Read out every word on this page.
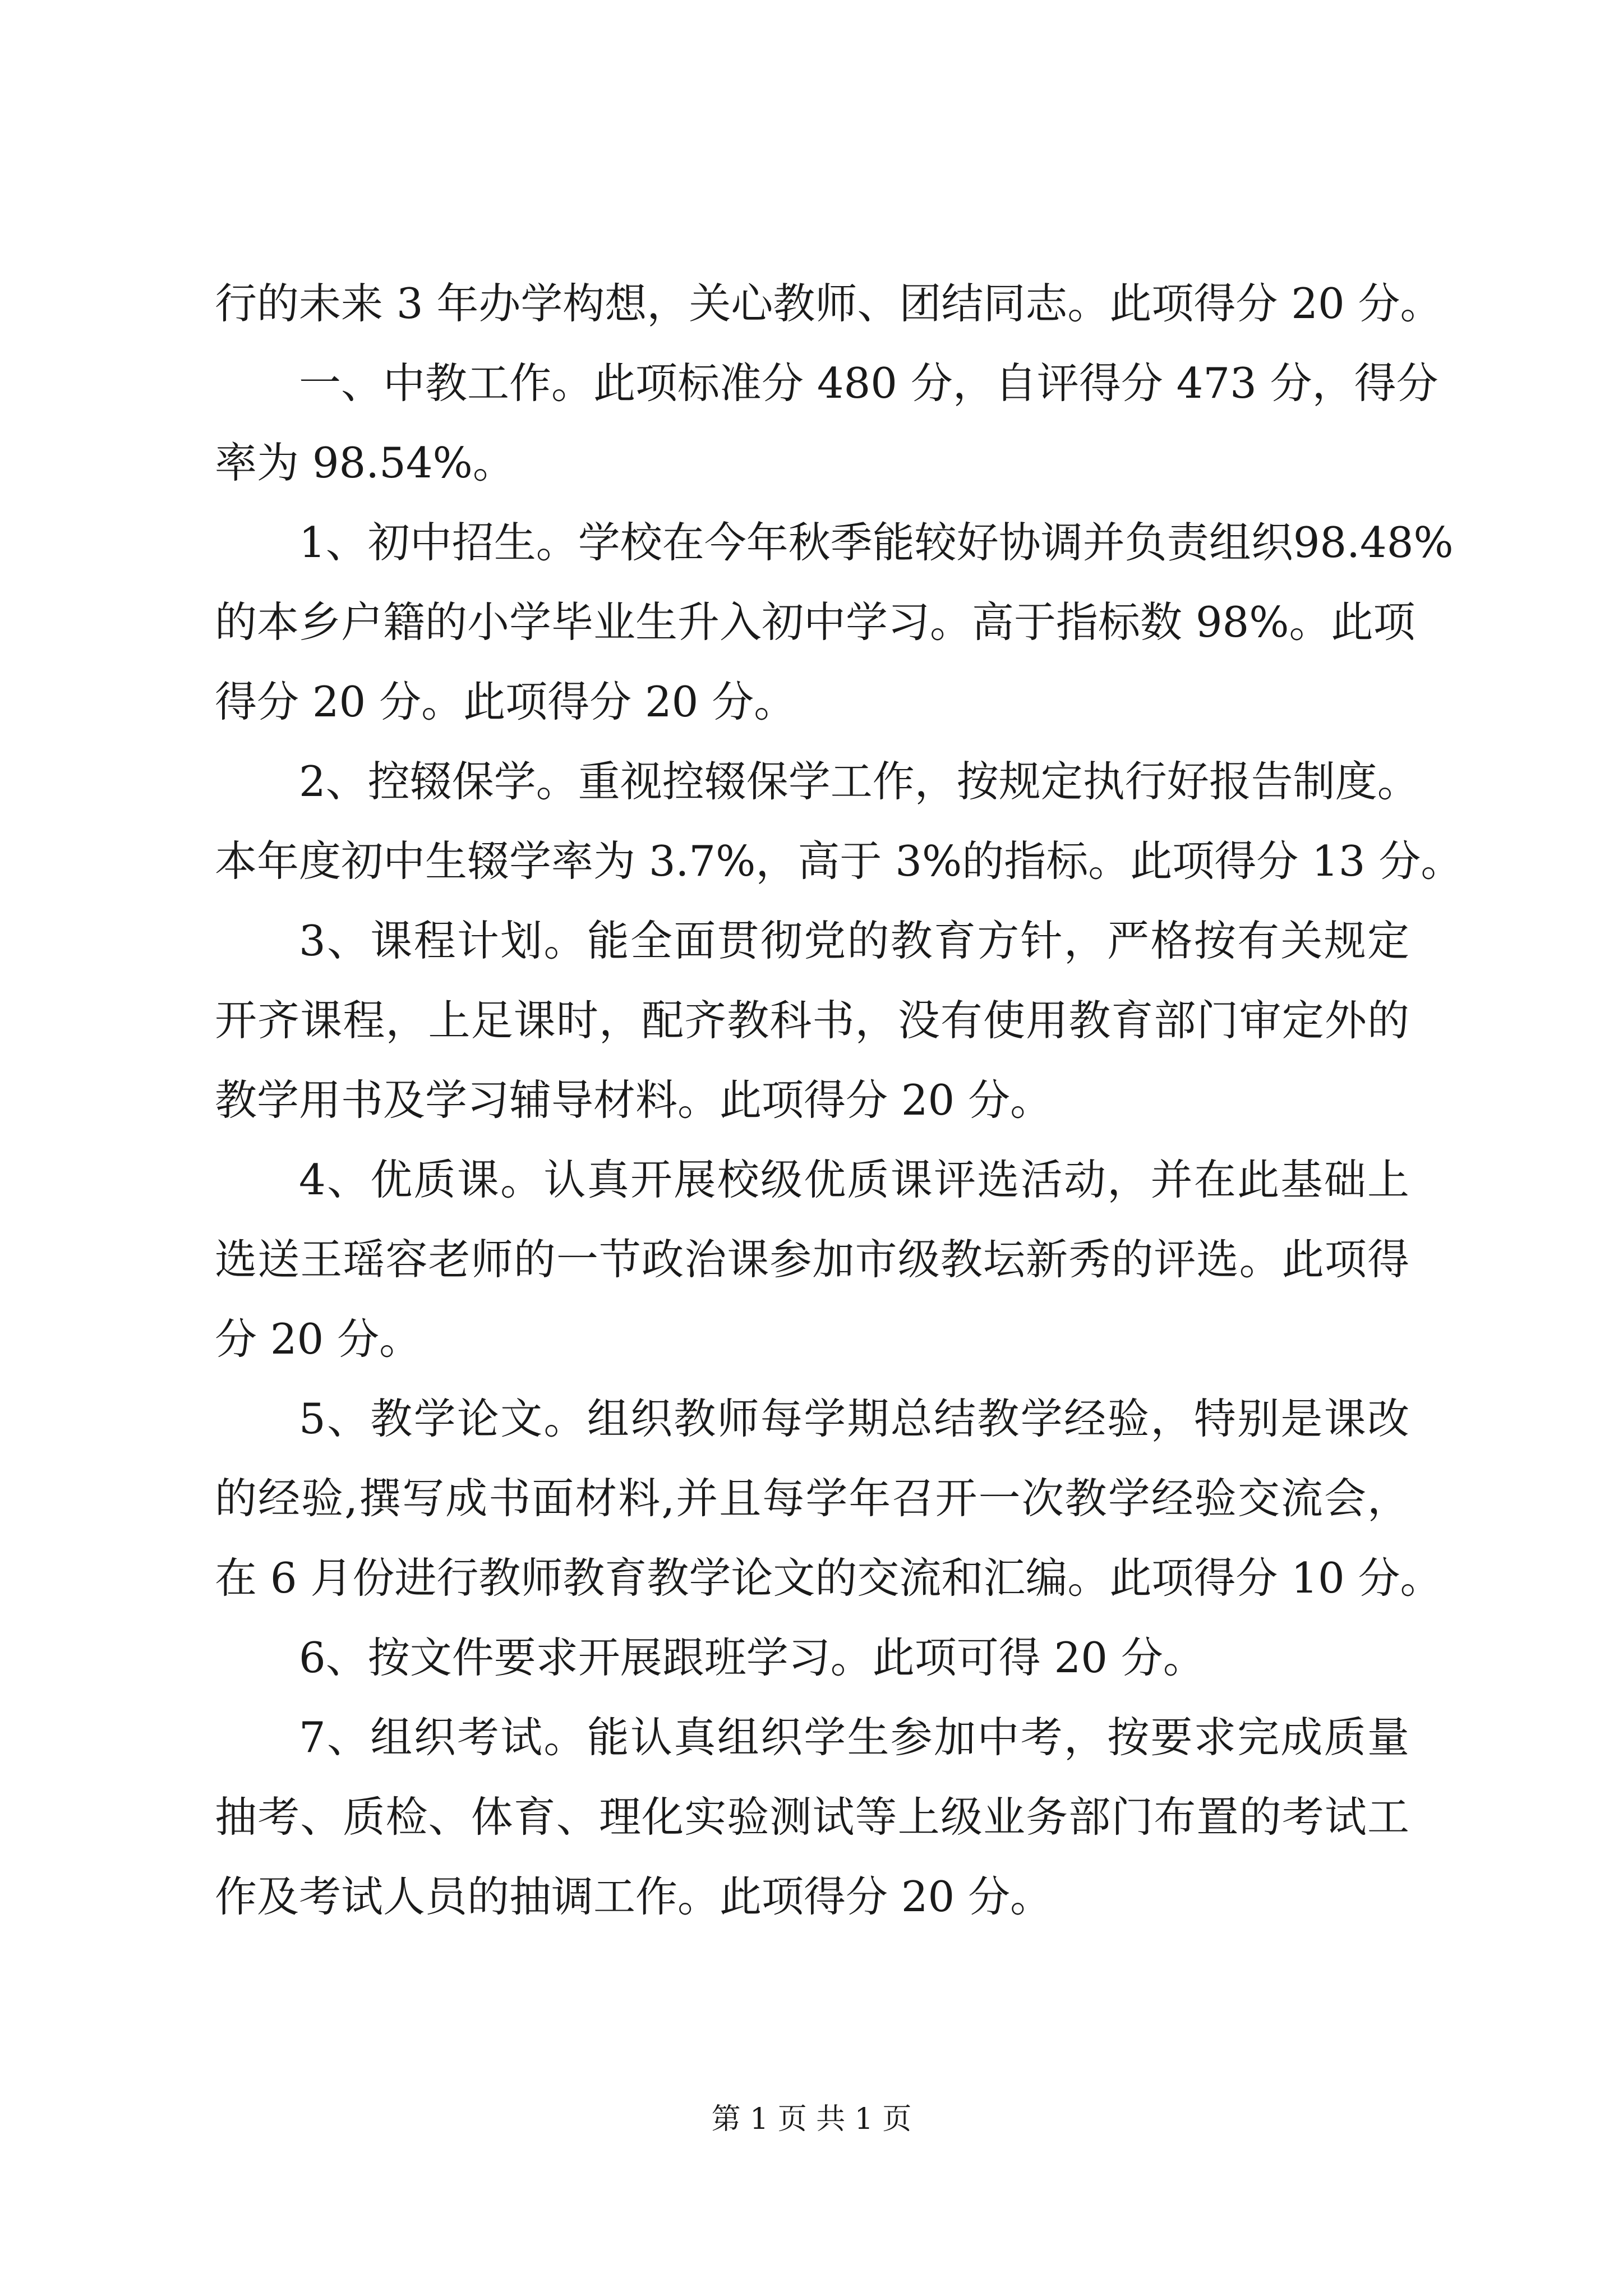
行的未来 3 年办学构想，关心教师、团结同志。此项得分 20 分。
一、中教工作。此项标准分 480 分，自评得分 473 分，得分
率为 98.54%。
1、初中招生。学校在今年秋季能较好协调并负责组织98.48%
的本乡户籍的小学毕业生升入初中学习。高于指标数 98%。此项
得分 20 分。此项得分 20 分。
2、控辍保学。重视控辍保学工作，按规定执行好报告制度。
本年度初中生辍学率为 3.7%，高于 3%的指标。此项得分 13 分。
3、课程计划。能全面贯彻党的教育方针，严格按有关规定
开齐课程，上足课时，配齐教科书，没有使用教育部门审定外的
教学用书及学习辅导材料。此项得分 20 分。
4、优质课。认真开展校级优质课评选活动，并在此基础上
选送王瑶容老师的一节政治课参加市级教坛新秀的评选。此项得
分 20 分。
5、教学论文。组织教师每学期总结教学经验，特别是课改
的经验,撰写成书面材料,并且每学年召开一次教学经验交流会，
在 6 月份进行教师教育教学论文的交流和汇编。此项得分 10 分。
6、按文件要求开展跟班学习。此项可得 20 分。
7、组织考试。能认真组织学生参加中考，按要求完成质量
抽考、质检、体育、理化实验测试等上级业务部门布置的考试工
作及考试人员的抽调工作。此项得分 20 分。
第 1 页 共 1 页
